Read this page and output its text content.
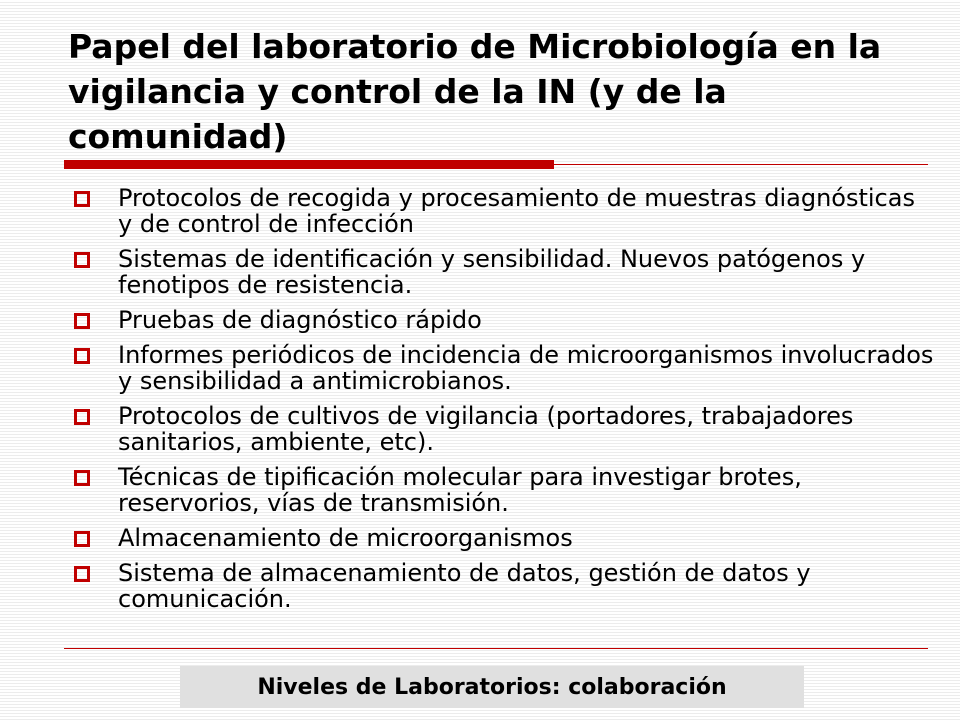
Papel del laboratorio de Microbiología en la vigilancia y control de la IN (y de la comunidad)
Protocolos de recogida y procesamiento de muestras diagnósticas y de control de infección
Sistemas de identificación y sensibilidad. Nuevos patógenos y fenotipos de resistencia.
Pruebas de diagnóstico rápido
Informes periódicos de incidencia de microorganismos involucrados y sensibilidad a antimicrobianos.
Protocolos de cultivos de vigilancia (portadores, trabajadores sanitarios, ambiente, etc).
Técnicas de tipificación molecular para investigar brotes, reservorios, vías de transmisión.
Almacenamiento de microorganismos
Sistema de almacenamiento de datos, gestión de datos y comunicación.
Niveles de Laboratorios: colaboración
